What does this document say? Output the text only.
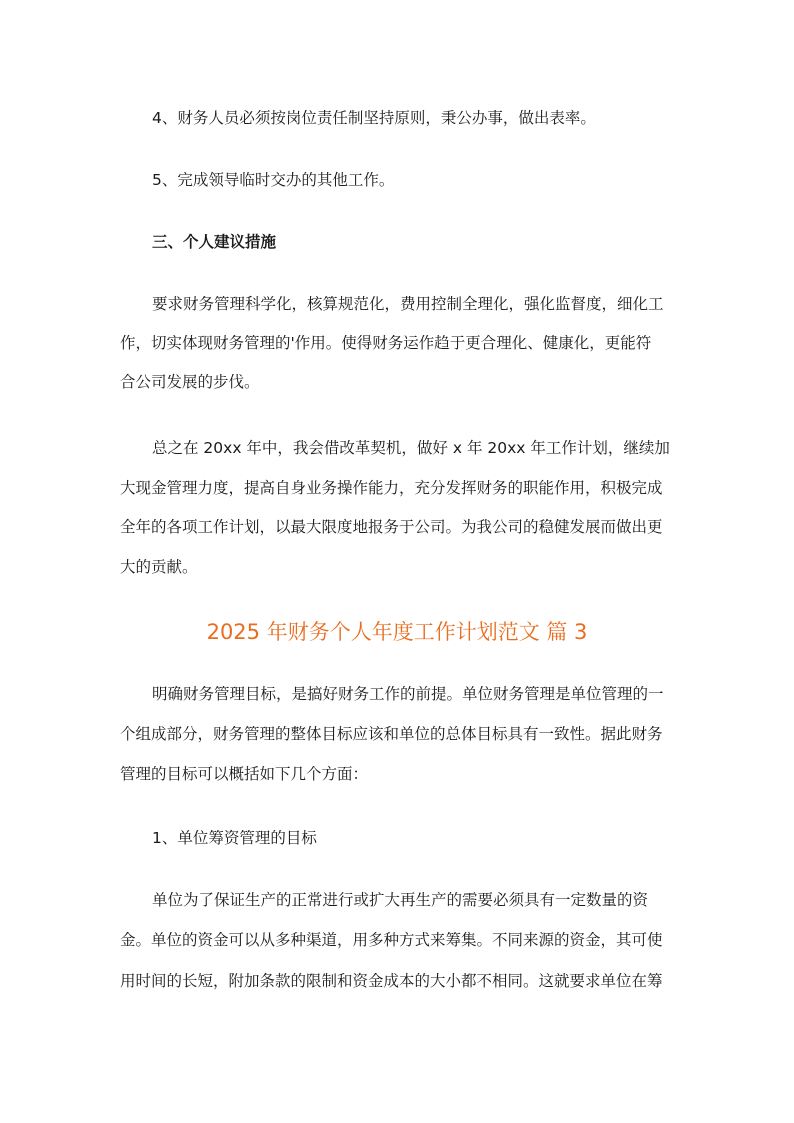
4、财务人员必须按岗位责任制坚持原则，秉公办事，做出表率。
5、完成领导临时交办的其他工作。
三、个人建议措施
要求财务管理科学化，核算规范化，费用控制全理化，强化监督度，细化工
作，切实体现财务管理的'作用。使得财务运作趋于更合理化、健康化，更能符
合公司发展的步伐。
总之在 20xx 年中，我会借改革契机，做好 x 年 20xx 年工作计划，继续加
大现金管理力度，提高自身业务操作能力，充分发挥财务的职能作用，积极完成
全年的各项工作计划，以最大限度地报务于公司。为我公司的稳健发展而做出更
大的贡献。
2025 年财务个人年度工作计划范文 篇 3
明确财务管理目标，是搞好财务工作的前提。单位财务管理是单位管理的一
个组成部分，财务管理的整体目标应该和单位的总体目标具有一致性。据此财务
管理的目标可以概括如下几个方面：
1、单位筹资管理的目标
单位为了保证生产的正常进行或扩大再生产的需要必须具有一定数量的资
金。单位的资金可以从多种渠道，用多种方式来筹集。不同来源的资金，其可使
用时间的长短，附加条款的限制和资金成本的大小都不相同。这就要求单位在筹
